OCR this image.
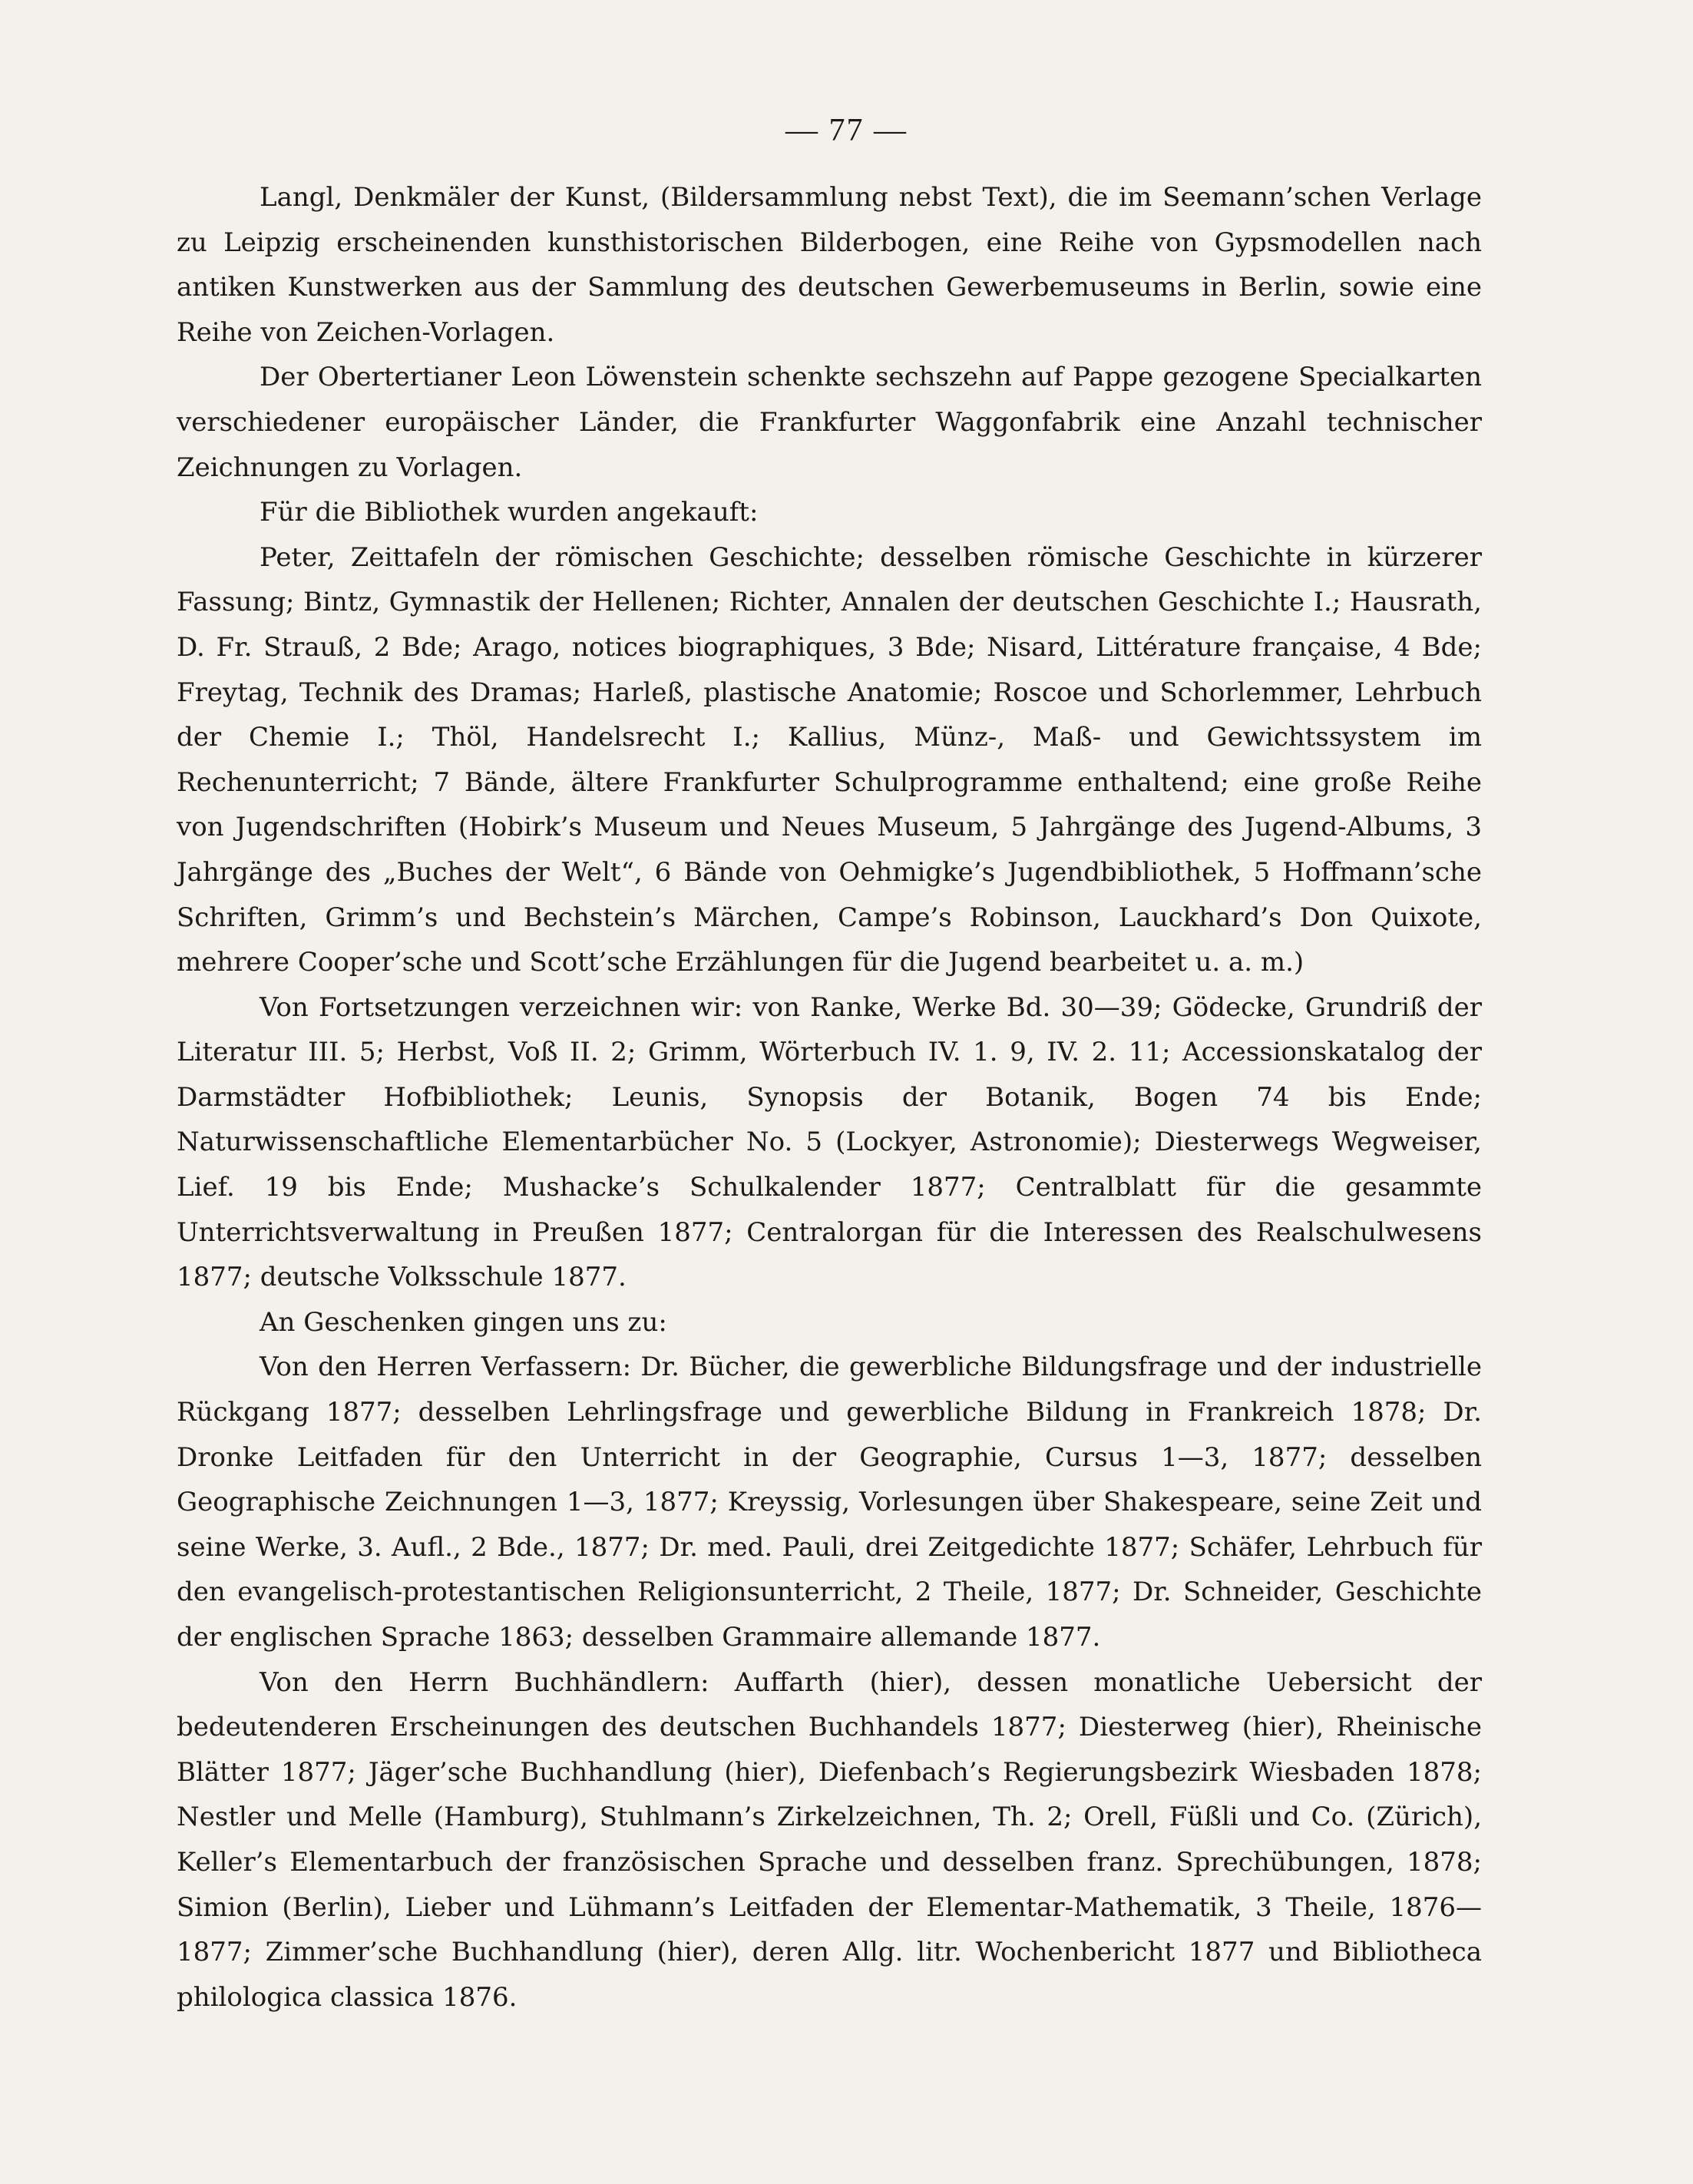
— 77 —

Langl, Denkmäler der Kunst, (Bildersammlung nebst Text), die im Seemann’schen Verlage zu Leipzig erscheinenden kunsthistorischen Bilderbogen, eine Reihe von Gypsmodellen nach antiken Kunstwerken aus der Sammlung des deutschen Gewerbemuseums in Berlin, sowie eine Reihe von Zeichen-Vorlagen.

Der Obertertianer Leon Löwenstein schenkte sechszehn auf Pappe gezogene Specialkarten verschiedener europäischer Länder, die Frankfurter Waggonfabrik eine Anzahl technischer Zeichnungen zu Vorlagen.

Für die Bibliothek wurden angekauft:

Peter, Zeittafeln der römischen Geschichte; desselben römische Geschichte in kürzerer Fassung; Bintz, Gymnastik der Hellenen; Richter, Annalen der deutschen Geschichte I.; Hausrath, D. Fr. Strauß, 2 Bde; Arago, notices biographiques, 3 Bde; Nisard, Littérature française, 4 Bde; Freytag, Technik des Dramas; Harleß, plastische Anatomie; Roscoe und Schorlemmer, Lehrbuch der Chemie I.; Thöl, Handelsrecht I.; Kallius, Münz-, Maß- und Gewichtssystem im Rechenunterricht; 7 Bände, ältere Frankfurter Schulprogramme enthaltend; eine große Reihe von Jugendschriften (Hobirk’s Museum und Neues Museum, 5 Jahrgänge des Jugend-Albums, 3 Jahrgänge des „Buches der Welt“, 6 Bände von Oehmigke’s Jugendbibliothek, 5 Hoffmann’sche Schriften, Grimm’s und Bechstein’s Märchen, Campe’s Robinson, Lauckhard’s Don Quixote, mehrere Cooper’sche und Scott’sche Erzählungen für die Jugend bearbeitet u. a. m.)

Von Fortsetzungen verzeichnen wir: von Ranke, Werke Bd. 30—39; Gödecke, Grundriß der Literatur III. 5; Herbst, Voß II. 2; Grimm, Wörterbuch IV. 1. 9, IV. 2. 11; Accessionskatalog der Darmstädter Hofbibliothek; Leunis, Synopsis der Botanik, Bogen 74 bis Ende; Naturwissenschaftliche Elementarbücher No. 5 (Lockyer, Astronomie); Diesterwegs Wegweiser, Lief. 19 bis Ende; Mushacke’s Schulkalender 1877; Centralblatt für die gesammte Unterrichtsverwaltung in Preußen 1877; Centralorgan für die Interessen des Realschulwesens 1877; deutsche Volksschule 1877.

An Geschenken gingen uns zu:

Von den Herren Verfassern: Dr. Bücher, die gewerbliche Bildungsfrage und der industrielle Rückgang 1877; desselben Lehrlingsfrage und gewerbliche Bildung in Frankreich 1878; Dr. Dronke Leitfaden für den Unterricht in der Geographie, Cursus 1—3, 1877; desselben Geographische Zeichnungen 1—3, 1877; Kreyssig, Vorlesungen über Shakespeare, seine Zeit und seine Werke, 3. Aufl., 2 Bde., 1877; Dr. med. Pauli, drei Zeitgedichte 1877; Schäfer, Lehrbuch für den evangelisch-protestantischen Religionsunterricht, 2 Theile, 1877; Dr. Schneider, Geschichte der englischen Sprache 1863; desselben Grammaire allemande 1877.

Von den Herrn Buchhändlern: Auffarth (hier), dessen monatliche Uebersicht der bedeutenderen Erscheinungen des deutschen Buchhandels 1877; Diesterweg (hier), Rheinische Blätter 1877; Jäger’sche Buchhandlung (hier), Diefenbach’s Regierungsbezirk Wiesbaden 1878; Nestler und Melle (Hamburg), Stuhlmann’s Zirkelzeichnen, Th. 2; Orell, Füßli und Co. (Zürich), Keller’s Elementarbuch der französischen Sprache und desselben franz. Sprechübungen, 1878; Simion (Berlin), Lieber und Lühmann’s Leitfaden der Elementar-Mathematik, 3 Theile, 1876—1877; Zimmer’sche Buchhandlung (hier), deren Allg. litr. Wochenbericht 1877 und Bibliotheca philologica classica 1876.
